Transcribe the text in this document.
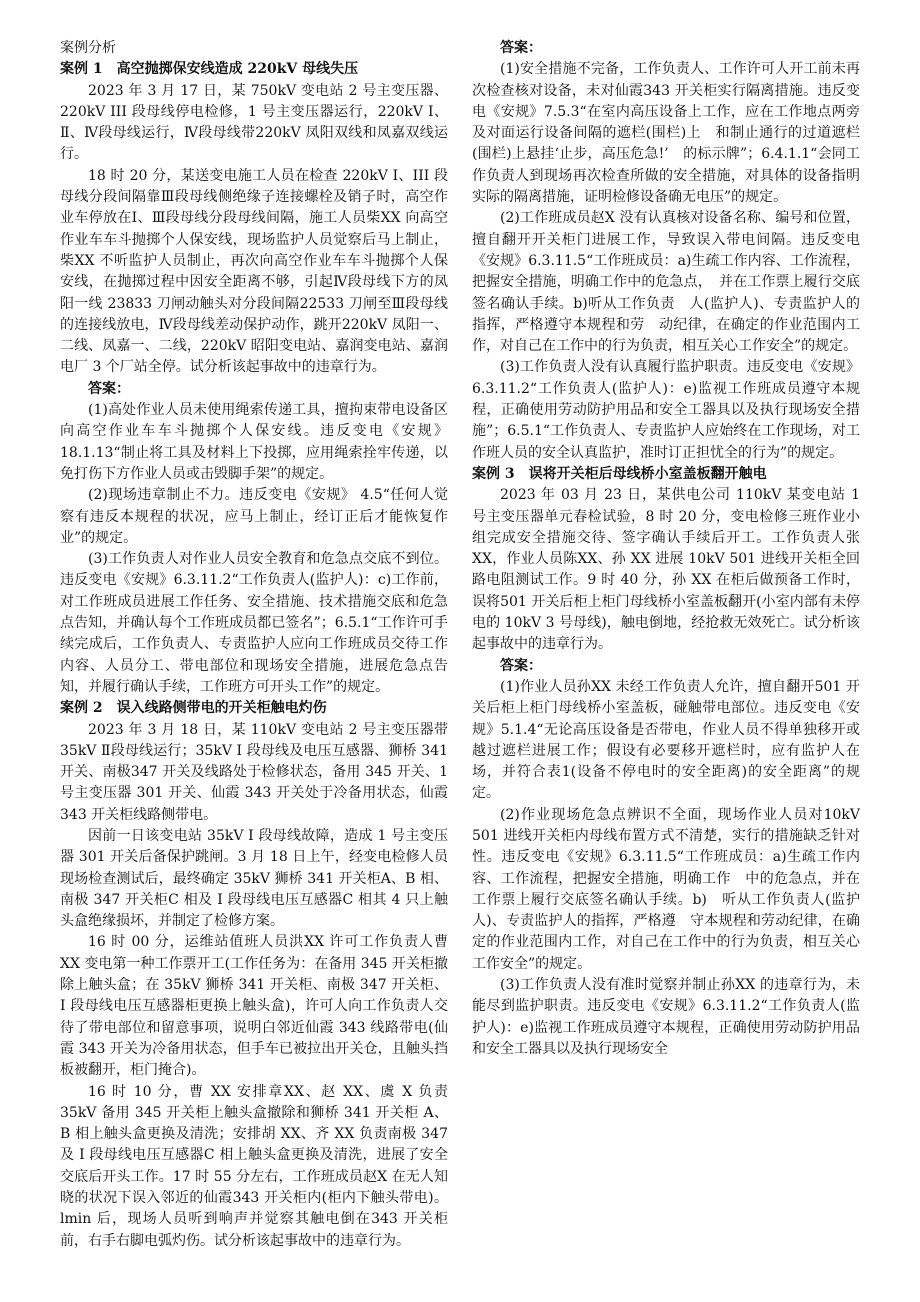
案例分析

案例 1　高空抛掷保安线造成 220kV 母线失压

2023 年 3 月 17 日，某 750kV 变电站 2 号主变压器、220kV III 段母线停电检修，1 号主变压器运行，220kV Ⅰ、Ⅱ、Ⅳ段母线运行，Ⅳ段母线带220kV 凤阳双线和凤嘉双线运行。

18 时 20 分，某送变电施工人员在检查 220kV I、III 段母线分段间隔靠Ⅲ段母线侧绝缘子连接螺栓及销子时，高空作业车停放在Ⅰ、Ⅲ段母线分段母线间隔，施工人员柴XX 向高空作业车车斗抛掷个人保安线，现场监护人员觉察后马上制止，柴XX 不听监护人员制止，再次向高空作业车车斗抛掷个人保安线，在抛掷过程中因安全距离不够，引起Ⅳ段母线下方的凤阳一线 23833 刀闸动触头对分段间隔22533 刀闸至Ⅲ段母线的连接线放电，Ⅳ段母线差动保护动作，跳开220kV 凤阳一、二线、凤嘉一、二线，220kV 昭阳变电站、嘉润变电站、嘉润电厂 3 个厂站全停。试分析该起事故中的违章行为。

答案：

(1)高处作业人员未使用绳索传递工具，擅拘束带电设备区向高空作业车车斗抛掷个人保安线。违反变电《安规》18.1.13“制止将工具及材料上下投掷，应用绳索拴牢传递，以免打伤下方作业人员或击毁脚手架”的规定。

(2)现场违章制止不力。违反变电《安规》 4.5“任何人觉察有违反本规程的状况，应马上制止，经订正后才能恢复作业”的规定。

(3)工作负责人对作业人员安全教育和危急点交底不到位。违反变电《安规》6.3.11.2“工作负责人(监护人)：c)工作前，对工作班成员进展工作任务、安全措施、技术措施交底和危急点告知，并确认每个工作班成员都已签名”；6.5.1“工作许可手续完成后，工作负责人、专责监护人应向工作班成员交待工作内容、人员分工、带电部位和现场安全措施，进展危急点告知，并履行确认手续，工作班方可开头工作”的规定。

案例 2　误入线路侧带电的开关柜触电灼伤

2023 年 3 月 18 日，某 110kV 变电站 2 号主变压器带 35kV Ⅱ段母线运行；35kV I 段母线及电压互感器、狮桥 341 开关、南极347 开关及线路处于检修状态，备用 345 开关、1 号主变压器 301 开关、仙霞 343 开关处于冷备用状态，仙霞 343 开关柜线路侧带电。

因前一日该变电站 35kV I 段母线故障，造成 1 号主变压器 301 开关后备保护跳闸。3 月 18 日上午，经变电检修人员现场检查测试后，最终确定 35kV 狮桥 341 开关柜A、B 相、南极 347 开关柜C 相及 I 段母线电压互感器C 相其 4 只上触头盒绝缘损坏，并制定了检修方案。

16 时 00 分，运维站值班人员洪XX 许可工作负责人曹　XX 变电第一种工作票开工(工作任务为：在备用 345 开关柜撤除上触头盒；在 35kV 狮桥 341 开关柜、南极 347 开关柜、I 段母线电压互感器柜更换上触头盒)，许可人向工作负责人交待了带电部位和留意事项，说明白邻近仙霞 343 线路带电(仙霞 343 开关为冷备用状态，但手车已被拉出开关仓，且触头挡板被翻开，柜门掩合)。

16 时 10 分，曹 XX 安排章XX、赵 XX、虞 X 负责 35kV 备用 345 开关柜上触头盒撤除和狮桥 341 开关柜 A、B 相上触头盒更换及清洗；安排胡 XX、齐 XX 负责南极 347 及 I 段母线电压互感器C 相上触头盒更换及清洗，进展了安全交底后开头工作。17 时 55 分左右，工作班成员赵X 在无人知晓的状况下误入邻近的仙霞343 开关柜内(柜内下触头带电)。lmin 后，现场人员听到响声并觉察其触电倒在343 开关柜前，右手右脚电弧灼伤。试分析该起事故中的违章行为。

答案：

(1)安全措施不完备，工作负责人、工作许可人开工前未再次检查核对设备，未对仙霞343 开关柜实行隔离措施。违反变电《安规》7.5.3“在室内高压设备上工作，应在工作地点两旁及对面运行设备间隔的遮栏(围栏)上　和制止通行的过道遮栏(围栏)上悬挂‘止步，高压危急!’　的标示牌”；6.4.1.1“会同工作负责人到现场再次检查所做的安全措施，对具体的设备指明实际的隔离措施，证明检修设备确无电压”的规定。

(2)工作班成员赵X 没有认真核对设备名称、编号和位置，擅自翻开开关柜门进展工作，导致误入带电间隔。违反变电《安规》6.3.11.5“工作班成员：a)生疏工作内容、工作流程，把握安全措施，明确工作中的危急点，　并在工作票上履行交底签名确认手续。b)听从工作负责　人(监护人)、专责监护人的指挥，严格遵守本规程和劳　动纪律，在确定的作业范围内工作，对自己在工作中的行为负责，相互关心工作安全”的规定。

(3)工作负责人没有认真履行监护职责。违反变电《安规》6.3.11.2“工作负责人(监护人)：e)监视工作班成员遵守本规程，正确使用劳动防护用品和安全工器具以及执行现场安全措施”；6.5.1“工作负责人、专责监护人应始终在工作现场，对工作班人员的安全认真监护，准时订正担忧全的行为”的规定。

案例 3　误将开关柜后母线桥小室盖板翻开触电

2023 年 03 月 23 日，某供电公司 110kV 某变电站 1 号主变压器单元春检试验，8 时 20 分，变电检修三班作业小组完成安全措施交待、签字确认手续后开工。工作负责人张 XX，作业人员陈XX、孙 XX 进展 10kV 501 进线开关柜全回路电阻测试工作。9 时 40 分，孙 XX 在柜后做预备工作时，误将501 开关后柜上柜门母线桥小室盖板翻开(小室内部有未停电的 10kV 3 号母线)，触电倒地，经抢救无效死亡。试分析该起事故中的违章行为。

答案：

(1)作业人员孙XX 未经工作负责人允许，擅自翻开501 开关后柜上柜门母线桥小室盖板，碰触带电部位。违反变电《安规》5.1.4“无论高压设备是否带电，作业人员不得单独移开或越过遮栏进展工作；假设有必要移开遮栏时，应有监护人在场，并符合表1(设备不停电时的安全距离)的安全距离”的规定。

(2)作业现场危急点辨识不全面，现场作业人员对10kV 501 进线开关柜内母线布置方式不清楚，实行的措施缺乏针对性。违反变电《安规》6.3.11.5“工作班成员：a)生疏工作内容、工作流程，把握安全措施，明确工作　中的危急点，并在工作票上履行交底签名确认手续。b)　听从工作负责人(监护人)、专责监护人的指挥，严格遵　守本规程和劳动纪律，在确定的作业范围内工作，对自己在工作中的行为负责，相互关心工作安全”的规定。

(3)工作负责人没有准时觉察并制止孙XX 的违章行为，未能尽到监护职责。违反变电《安规》6.3.11.2“工作负责人(监护人)：e)监视工作班成员遵守本规程，正确使用劳动防护用品和安全工器具以及执行现场安全
